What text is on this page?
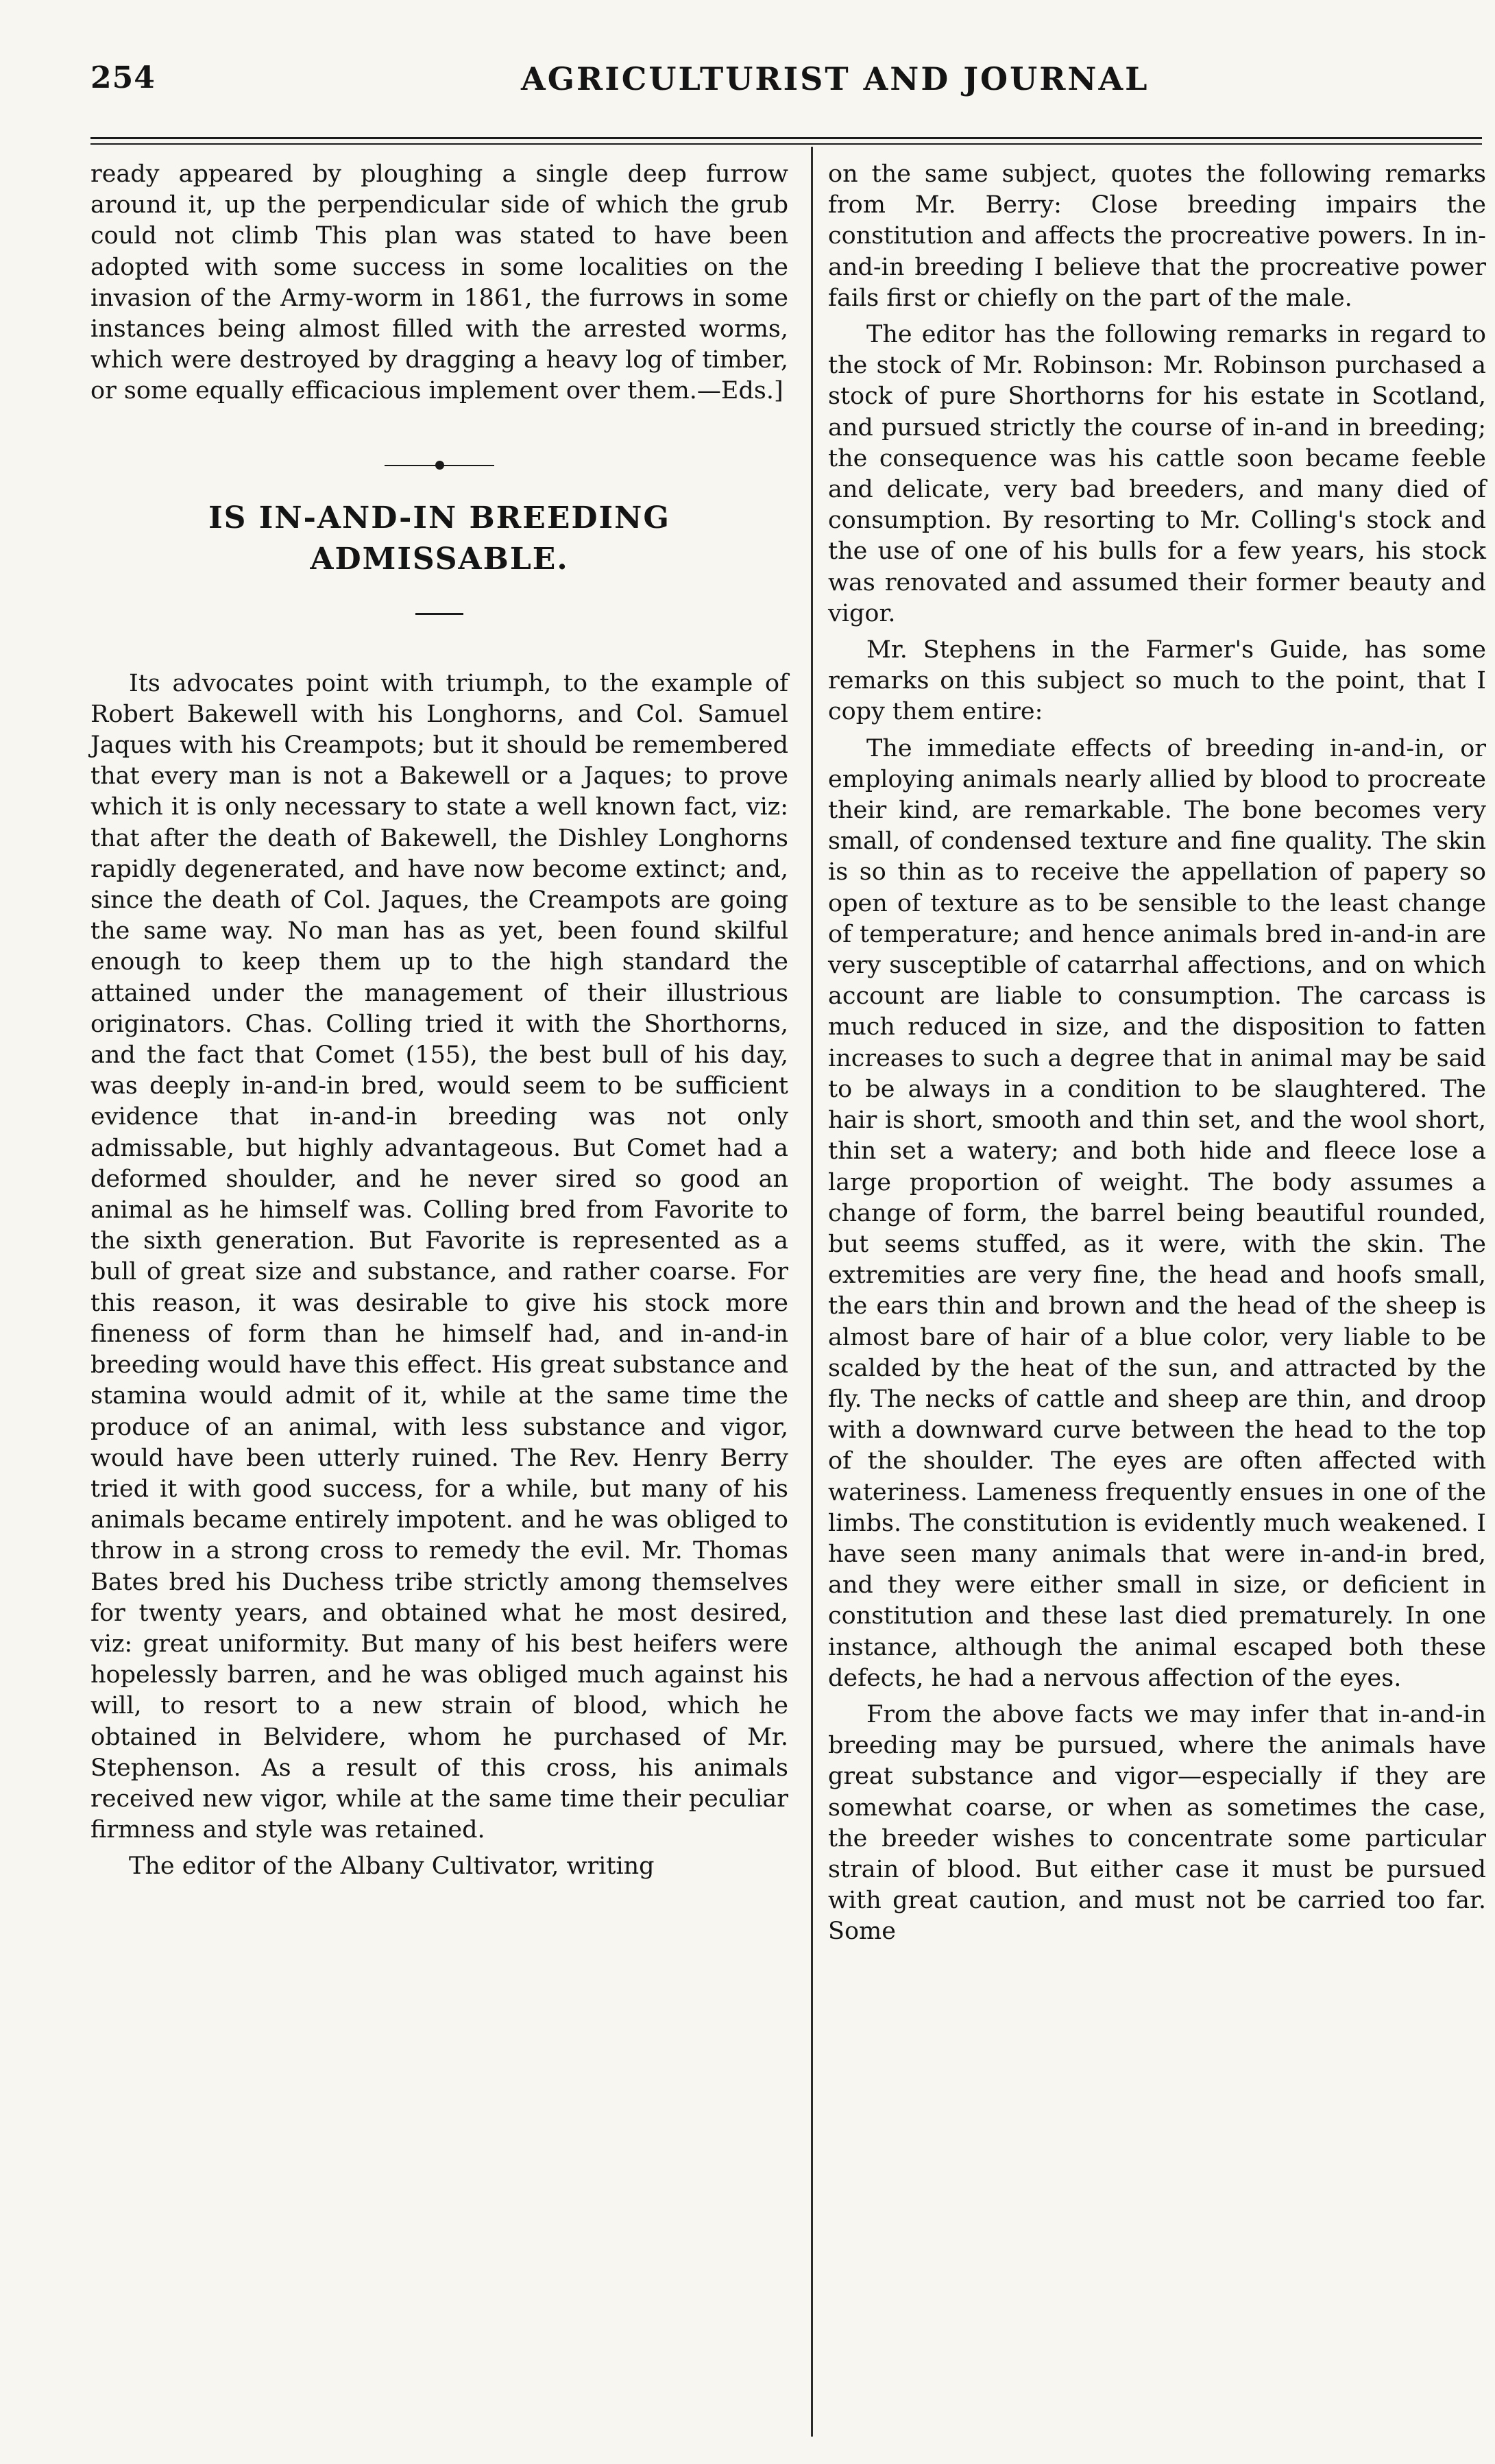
254	AGRICULTURIST AND JOURNAL

ready appeared by ploughing a single deep furrow around it, up the perpendicular side of which the grub could not climb This plan was stated to have been adopted with some success in some localities on the invasion of the Army-worm in 1861, the furrows in some instances being almost filled with the arrested worms, which were destroyed by dragging a heavy log of timber, or some equally efficacious implement over them.—Eds.]

IS IN-AND-IN BREEDING ADMISSABLE.

Its advocates point with triumph, to the example of Robert Bakewell with his Longhorns, and Col. Samuel Jaques with his Creampots; but it should be remembered that every man is not a Bakewell or a Jaques; to prove which it is only necessary to state a well known fact, viz: that after the death of Bakewell, the Dishley Longhorns rapidly degenerated, and have now become extinct; and, since the death of Col. Jaques, the Creampots are going the same way. No man has as yet, been found skilful enough to keep them up to the high standard the attained under the management of their illustrious originators. Chas. Colling tried it with the Shorthorns, and the fact that Comet (155), the best bull of his day, was deeply in-and-in bred, would seem to be sufficient evidence that in-and-in breeding was not only admissable, but highly advantageous. But Comet had a deformed shoulder, and he never sired so good an animal as he himself was. Colling bred from Favorite to the sixth generation. But Favorite is represented as a bull of great size and substance, and rather coarse. For this reason, it was desirable to give his stock more fineness of form than he himself had, and in-and-in breeding would have this effect. His great substance and stamina would admit of it, while at the same time the produce of an animal, with less substance and vigor, would have been utterly ruined. The Rev. Henry Berry tried it with good success, for a while, but many of his animals became entirely impotent. and he was obliged to throw in a strong cross to remedy the evil. Mr. Thomas Bates bred his Duchess tribe strictly among themselves for twenty years, and obtained what he most desired, viz: great uniformity. But many of his best heifers were hopelessly barren, and he was obliged much against his will, to resort to a new strain of blood, which he obtained in Belvidere, whom he purchased of Mr. Stephenson. As a result of this cross, his animals received new vigor, while at the same time their peculiar firmness and style was retained.

The editor of the Albany Cultivator, writing

on the same subject, quotes the following remarks from Mr. Berry: Close breeding impairs the constitution and affects the procreative powers. In in-and-in breeding I believe that the procreative power fails first or chiefly on the part of the male.

The editor has the following remarks in regard to the stock of Mr. Robinson: Mr. Robinson purchased a stock of pure Shorthorns for his estate in Scotland, and pursued strictly the course of in-and in breeding; the consequence was his cattle soon became feeble and delicate, very bad breeders, and many died of consumption. By resorting to Mr. Colling's stock and the use of one of his bulls for a few years, his stock was renovated and assumed their former beauty and vigor.

Mr. Stephens in the Farmer's Guide, has some remarks on this subject so much to the point, that I copy them entire:

The immediate effects of breeding in-and-in, or employing animals nearly allied by blood to procreate their kind, are remarkable. The bone becomes very small, of condensed texture and fine quality. The skin is so thin as to receive the appellation of papery so open of texture as to be sensible to the least change of temperature; and hence animals bred in-and-in are very susceptible of catarrhal affections, and on which account are liable to consumption. The carcass is much reduced in size, and the disposition to fatten increases to such a degree that in animal may be said to be always in a condition to be slaughtered. The hair is short, smooth and thin set, and the wool short, thin set a watery; and both hide and fleece lose a large proportion of weight. The body assumes a change of form, the barrel being beautiful rounded, but seems stuffed, as it were, with the skin. The extremities are very fine, the head and hoofs small, the ears thin and brown and the head of the sheep is almost bare of hair of a blue color, very liable to be scalded by the heat of the sun, and attracted by the fly. The necks of cattle and sheep are thin, and droop with a downward curve between the head to the top of the shoulder. The eyes are often affected with wateriness. Lameness frequently ensues in one of the limbs. The constitution is evidently much weakened. I have seen many animals that were in-and-in bred, and they were either small in size, or deficient in constitution and these last died prematurely. In one instance, although the animal escaped both these defects, he had a nervous affection of the eyes.

From the above facts we may infer that in-and-in breeding may be pursued, where the animals have great substance and vigor—especially if they are somewhat coarse, or when as sometimes the case, the breeder wishes to concentrate some particular strain of blood. But either case it must be pursued with great caution, and must not be carried too far. Some
